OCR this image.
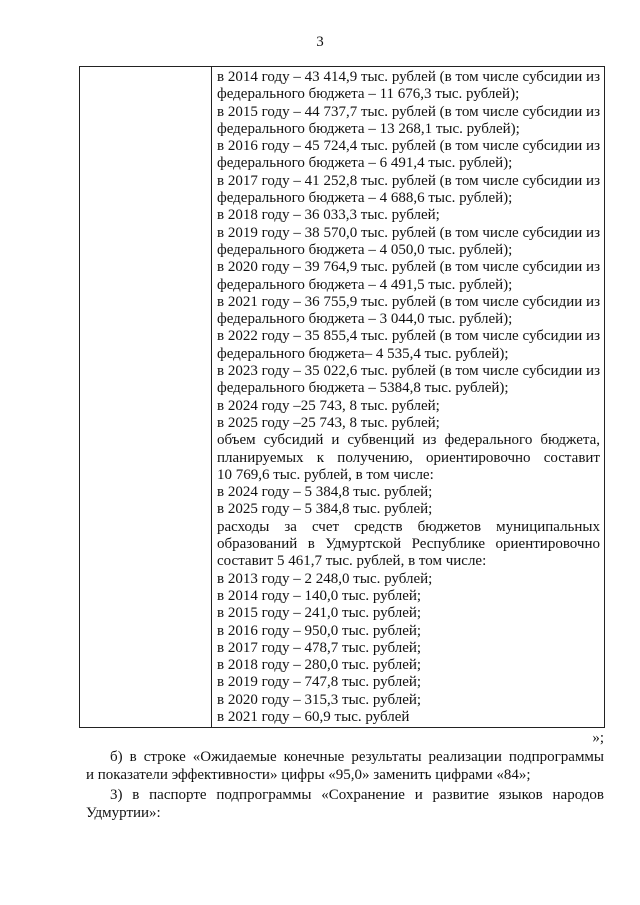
3
в 2014 году – 43 414,9 тыс. рублей (в том числе субсидии из
федерального бюджета – 11 676,3 тыс. рублей);
в 2015 году – 44 737,7 тыс. рублей (в том числе субсидии из
федерального бюджета – 13 268,1 тыс. рублей);
в 2016 году – 45 724,4 тыс. рублей (в том числе субсидии из
федерального бюджета – 6 491,4 тыс. рублей);
в 2017 году – 41 252,8 тыс. рублей (в том числе субсидии из
федерального бюджета – 4 688,6 тыс. рублей);
в 2018 году – 36 033,3 тыс. рублей;
в 2019 году – 38 570,0 тыс. рублей (в том числе субсидии из
федерального бюджета – 4 050,0 тыс. рублей);
в 2020 году – 39 764,9 тыс. рублей (в том числе субсидии из
федерального бюджета – 4 491,5 тыс. рублей);
в 2021 году – 36 755,9 тыс. рублей (в том числе субсидии из
федерального бюджета – 3 044,0 тыс. рублей);
в 2022 году – 35 855,4 тыс. рублей (в том числе субсидии из
федерального бюджета– 4 535,4 тыс. рублей);
в 2023 году – 35 022,6 тыс. рублей (в том числе субсидии из
федерального бюджета – 5384,8 тыс. рублей);
в 2024 году –25 743, 8 тыс. рублей;
в 2025 году –25 743, 8 тыс. рублей;
объем субсидий и субвенций из федерального бюджета,
планируемых к получению, ориентировочно составит
10 769,6 тыс. рублей, в том числе:
в 2024 году – 5 384,8 тыс. рублей;
в 2025 году – 5 384,8 тыс. рублей;
расходы за счет средств бюджетов муниципальных
образований в Удмуртской Республике ориентировочно
составит 5 461,7 тыс. рублей, в том числе:
в 2013 году – 2 248,0 тыс. рублей;
в 2014 году – 140,0 тыс. рублей;
в 2015 году – 241,0 тыс. рублей;
в 2016 году – 950,0 тыс. рублей;
в 2017 году – 478,7 тыс. рублей;
в 2018 году – 280,0 тыс. рублей;
в 2019 году – 747,8 тыс. рублей;
в 2020 году – 315,3 тыс. рублей;
в 2021 году – 60,9 тыс. рублей
»;
б) в строке «Ожидаемые конечные результаты реализации подпрограммы
и показатели эффективности» цифры «95,0» заменить цифрами «84»;
3) в паспорте подпрограммы «Сохранение и развитие языков народов
Удмуртии»:
